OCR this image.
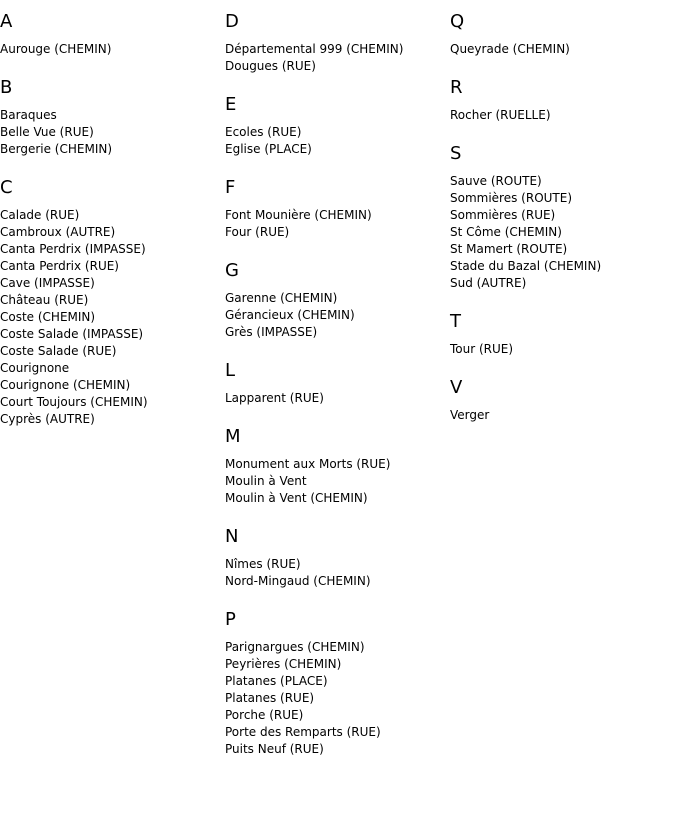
A
Aurouge (CHEMIN)
B
Baraques
Belle Vue (RUE)
Bergerie (CHEMIN)
C
Calade (RUE)
Cambroux (AUTRE)
Canta Perdrix (IMPASSE)
Canta Perdrix (RUE)
Cave (IMPASSE)
Château (RUE)
Coste (CHEMIN)
Coste Salade (IMPASSE)
Coste Salade (RUE)
Courignone
Courignone (CHEMIN)
Court Toujours (CHEMIN)
Cyprès (AUTRE)
D
Départemental 999 (CHEMIN)
Dougues (RUE)
E
Ecoles (RUE)
Eglise (PLACE)
F
Font Mounière (CHEMIN)
Four (RUE)
G
Garenne (CHEMIN)
Gérancieux (CHEMIN)
Grès (IMPASSE)
L
Lapparent (RUE)
M
Monument aux Morts (RUE)
Moulin à Vent
Moulin à Vent (CHEMIN)
N
Nîmes (RUE)
Nord-Mingaud (CHEMIN)
P
Parignargues (CHEMIN)
Peyrières (CHEMIN)
Platanes (PLACE)
Platanes (RUE)
Porche (RUE)
Porte des Remparts (RUE)
Puits Neuf (RUE)
Q
Queyrade (CHEMIN)
R
Rocher (RUELLE)
S
Sauve (ROUTE)
Sommières (ROUTE)
Sommières (RUE)
St Côme (CHEMIN)
St Mamert (ROUTE)
Stade du Bazal (CHEMIN)
Sud (AUTRE)
T
Tour (RUE)
V
Verger
